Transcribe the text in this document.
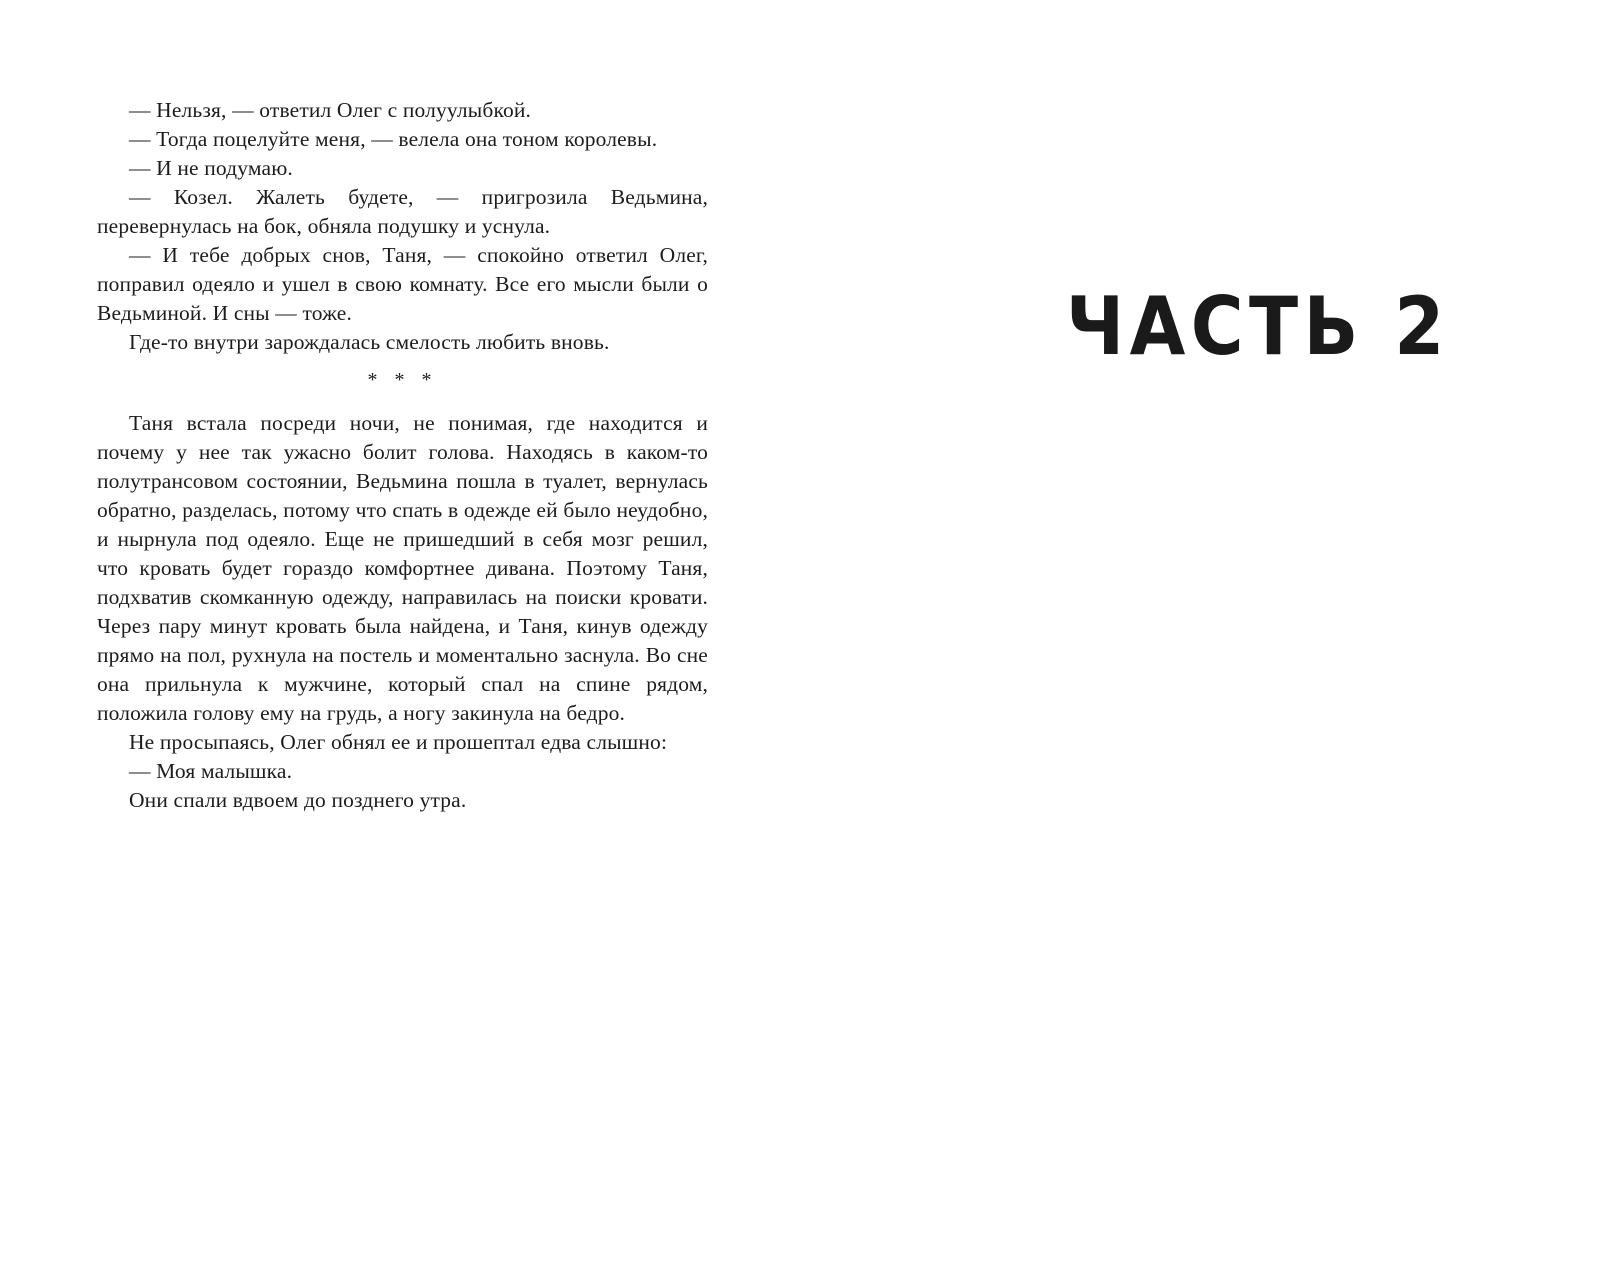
— Нельзя, — ответил Олег с полуулыбкой.

— Тогда поцелуйте меня, — велела она тоном королевы.

— И не подумаю.

— Козел. Жалеть будете, — пригрозила Ведьмина, перевернулась на бок, обняла подушку и уснула.

— И тебе добрых снов, Таня, — спокойно ответил Олег, поправил одеяло и ушел в свою комнату. Все его мысли были о Ведьминой. И сны — тоже.

Где-то внутри зарождалась смелость любить вновь.

* * *

Таня встала посреди ночи, не понимая, где находится и почему у нее так ужасно болит голова. Находясь в каком-то полутрансовом состоянии, Ведьмина пошла в туалет, вернулась обратно, разделась, потому что спать в одежде ей было неудобно, и нырнула под одеяло. Еще не пришедший в себя мозг решил, что кровать будет гораздо комфортнее дивана. Поэтому Таня, подхватив скомканную одежду, направилась на поиски кровати. Через пару минут кровать была найдена, и Таня, кинув одежду прямо на пол, рухнула на постель и моментально заснула. Во сне она прильнула к мужчине, который спал на спине рядом, положила голову ему на грудь, а ногу закинула на бедро.

Не просыпаясь, Олег обнял ее и прошептал едва слышно:

— Моя малышка.

Они спали вдвоем до позднего утра.

ЧАСТЬ 2
